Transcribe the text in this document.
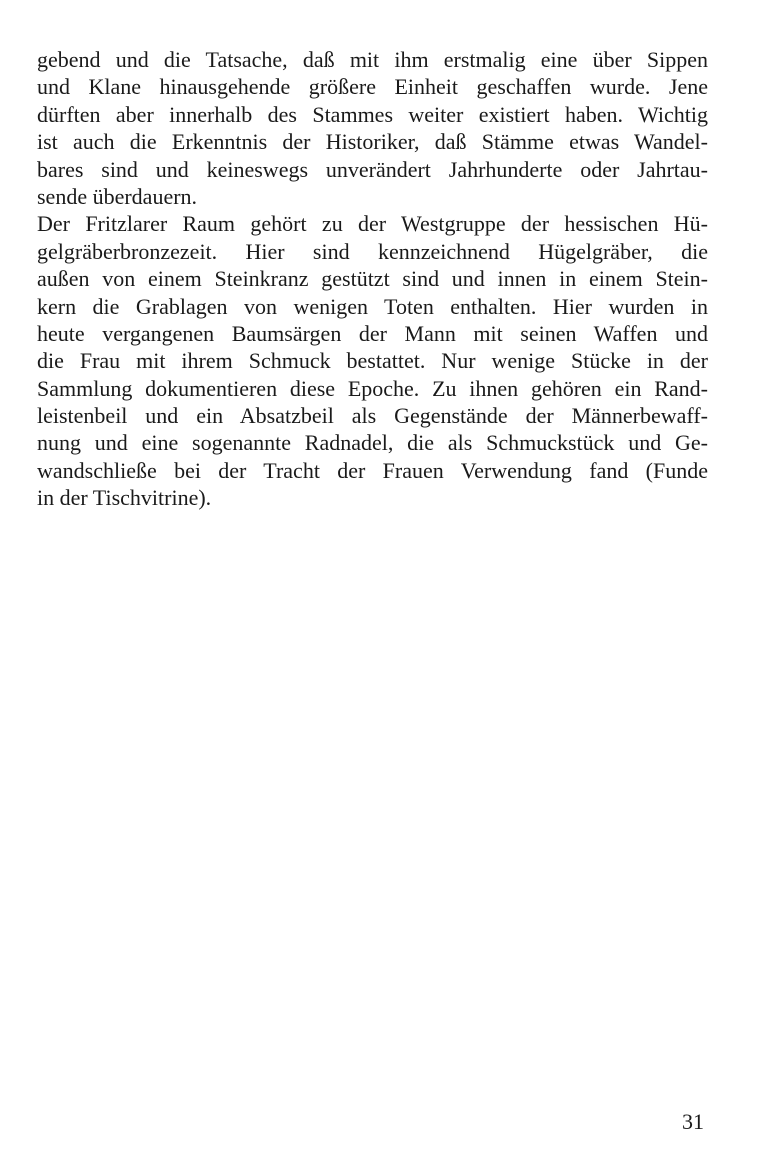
gebend und die Tatsache, daß mit ihm erstmalig eine über Sippen
und Klane hinausgehende größere Einheit geschaffen wurde. Jene
dürften aber innerhalb des Stammes weiter existiert haben. Wichtig
ist auch die Erkenntnis der Historiker, daß Stämme etwas Wandel-
bares sind und keineswegs unverändert Jahrhunderte oder Jahrtau-
sende überdauern.
Der Fritzlarer Raum gehört zu der Westgruppe der hessischen Hü-
gelgräberbronzezeit. Hier sind kennzeichnend Hügelgräber, die
außen von einem Steinkranz gestützt sind und innen in einem Stein-
kern die Grablagen von wenigen Toten enthalten. Hier wurden in
heute vergangenen Baumsärgen der Mann mit seinen Waffen und
die Frau mit ihrem Schmuck bestattet. Nur wenige Stücke in der
Sammlung dokumentieren diese Epoche. Zu ihnen gehören ein Rand-
leistenbeil und ein Absatzbeil als Gegenstände der Männerbewaff-
nung und eine sogenannte Radnadel, die als Schmuckstück und Ge-
wandschließe bei der Tracht der Frauen Verwendung fand (Funde
in der Tischvitrine).
31
